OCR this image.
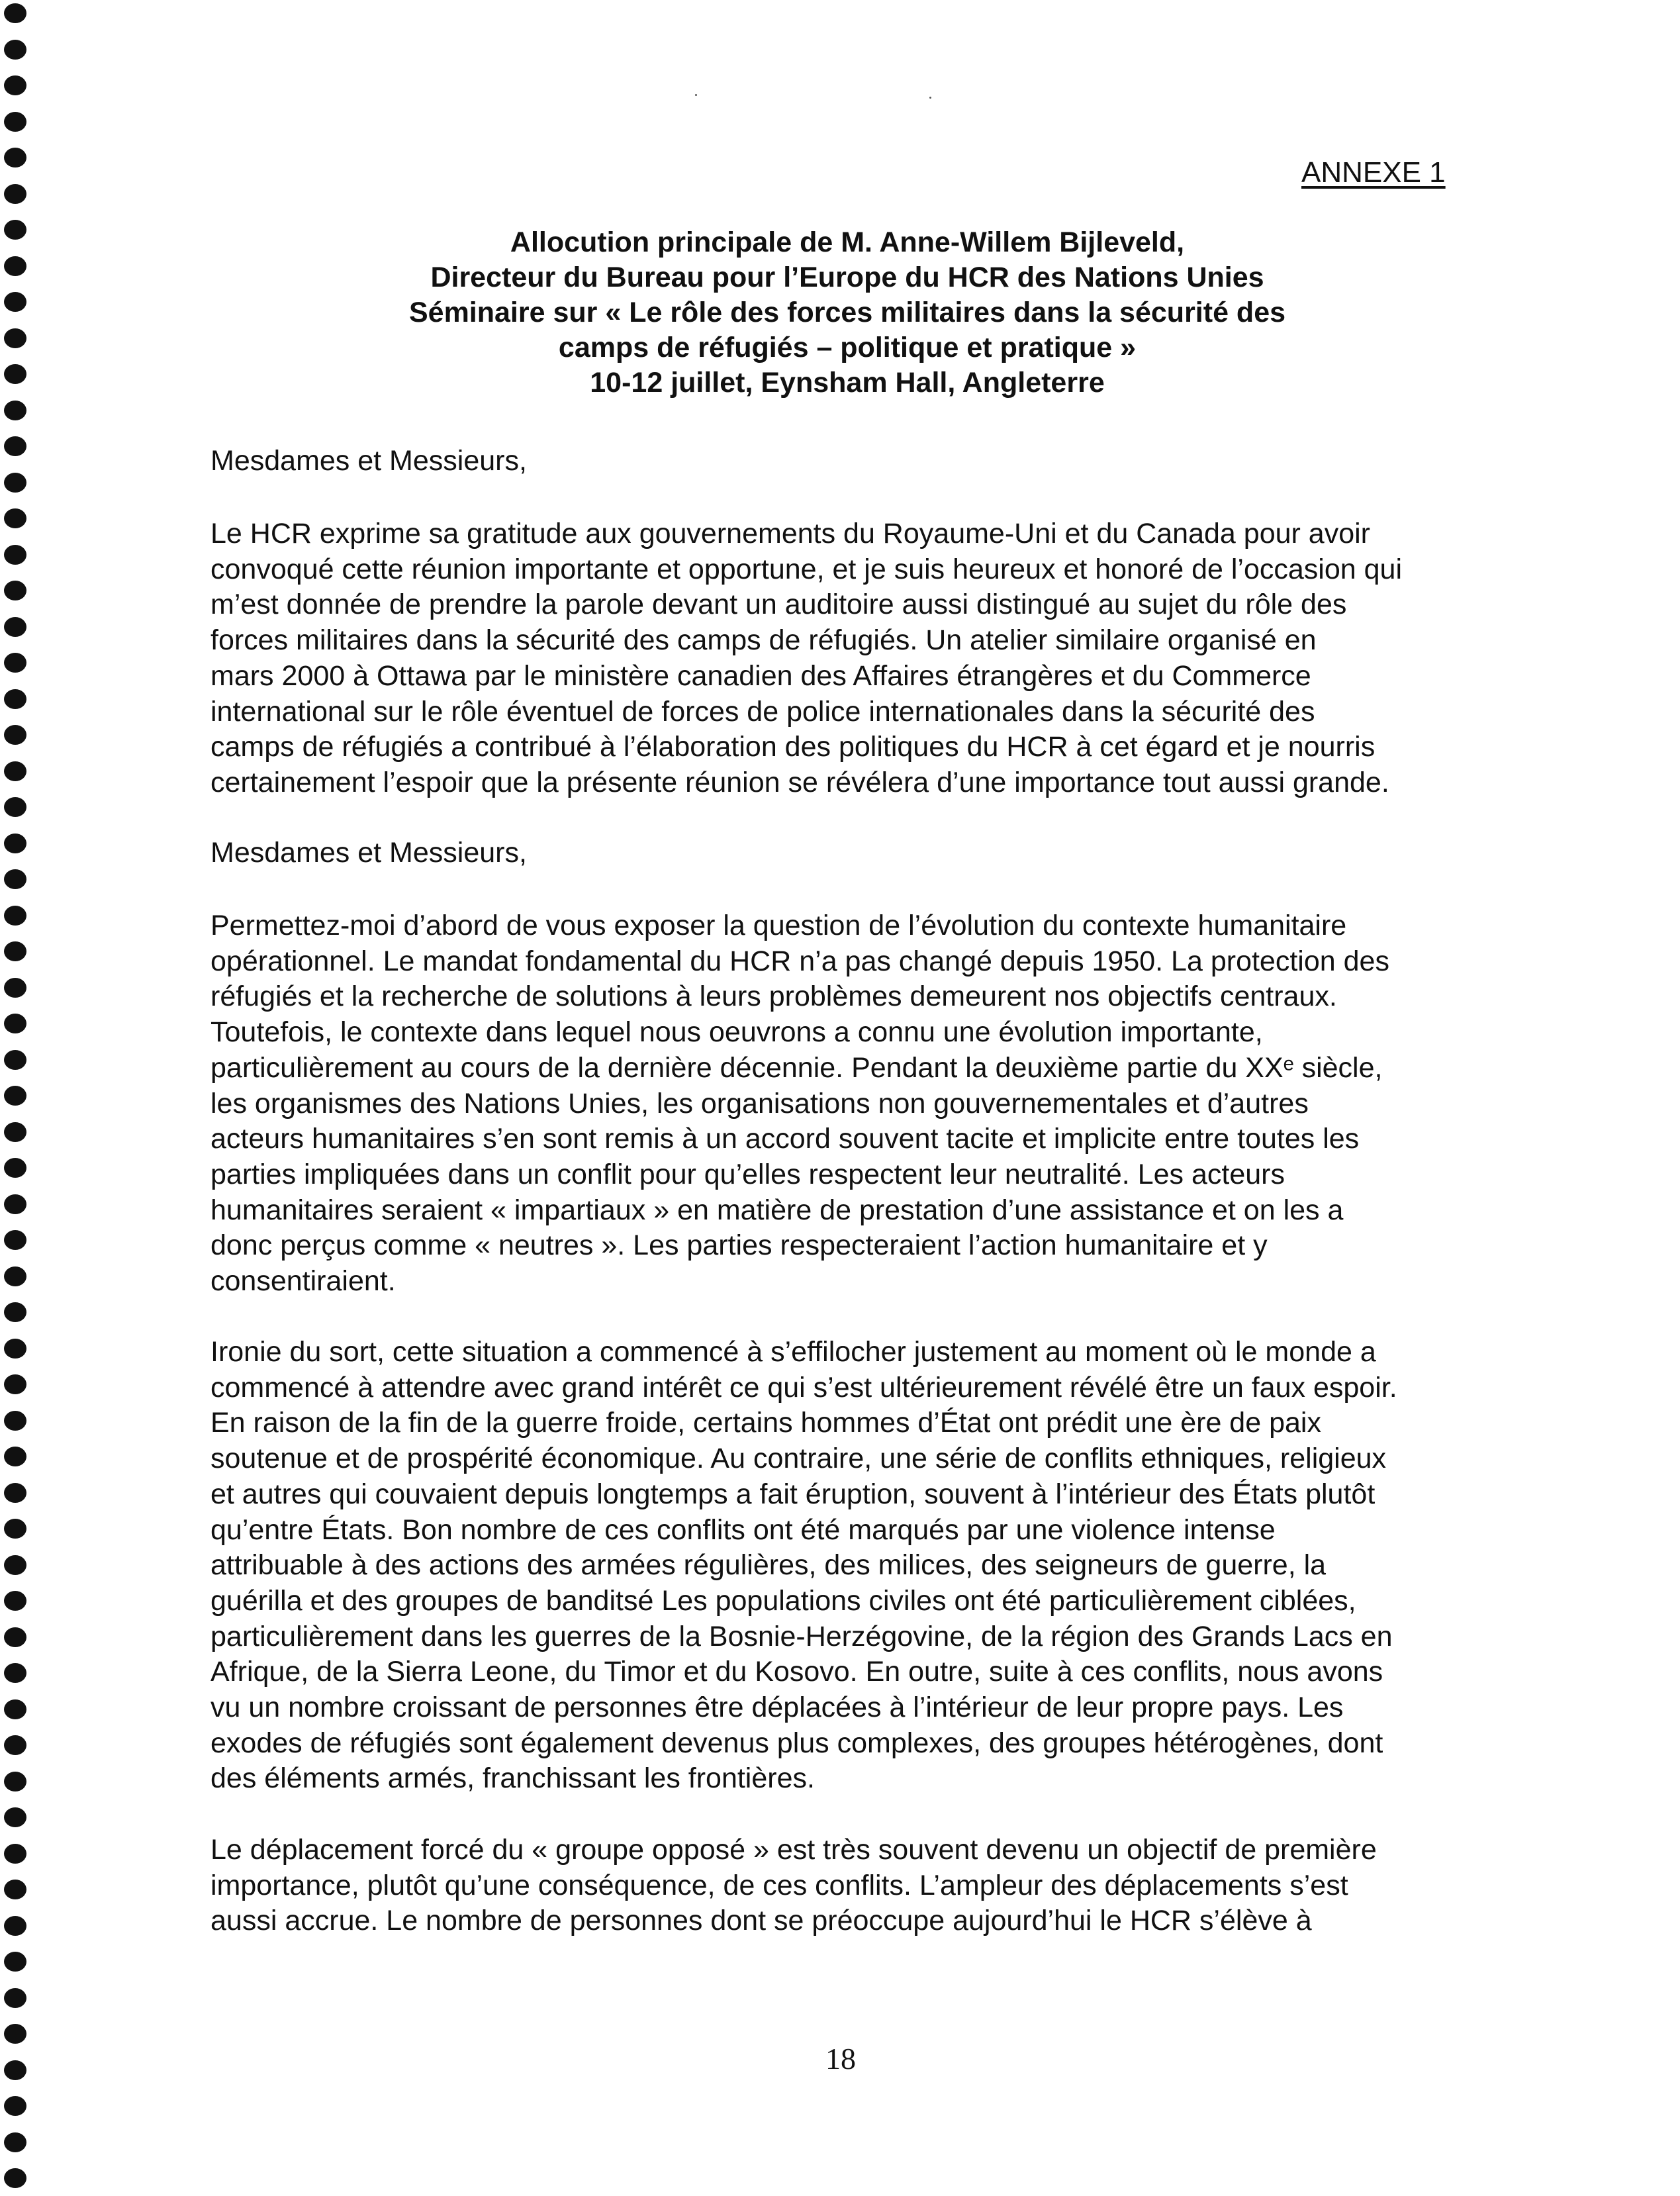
ANNEXE 1
Allocution principale de M. Anne-Willem Bijleveld,
Directeur du Bureau pour l’Europe du HCR des Nations Unies
Séminaire sur « Le rôle des forces militaires dans la sécurité des
camps de réfugiés – politique et pratique »
10-12 juillet, Eynsham Hall, Angleterre
Mesdames et Messieurs,
Le HCR exprime sa gratitude aux gouvernements du Royaume-Uni et du Canada pour avoir
convoqué cette réunion importante et opportune, et je suis heureux et honoré de l’occasion qui
m’est donnée de prendre la parole devant un auditoire aussi distingué au sujet du rôle des
forces militaires dans la sécurité des camps de réfugiés. Un atelier similaire organisé en
mars 2000 à Ottawa par le ministère canadien des Affaires étrangères et du Commerce
international sur le rôle éventuel de forces de police internationales dans la sécurité des
camps de réfugiés a contribué à l’élaboration des politiques du HCR à cet égard et je nourris
certainement l’espoir que la présente réunion se révélera d’une importance tout aussi grande.
Mesdames et Messieurs,
Permettez-moi d’abord de vous exposer la question de l’évolution du contexte humanitaire
opérationnel. Le mandat fondamental du HCR n’a pas changé depuis 1950. La protection des
réfugiés et la recherche de solutions à leurs problèmes demeurent nos objectifs centraux.
Toutefois, le contexte dans lequel nous oeuvrons a connu une évolution importante,
particulièrement au cours de la dernière décennie. Pendant la deuxième partie du XXᵉ siècle,
les organismes des Nations Unies, les organisations non gouvernementales et d’autres
acteurs humanitaires s’en sont remis à un accord souvent tacite et implicite entre toutes les
parties impliquées dans un conflit pour qu’elles respectent leur neutralité. Les acteurs
humanitaires seraient « impartiaux » en matière de prestation d’une assistance et on les a
donc perçus comme « neutres ». Les parties respecteraient l’action humanitaire et y
consentiraient.
Ironie du sort, cette situation a commencé à s’effilocher justement au moment où le monde a
commencé à attendre avec grand intérêt ce qui s’est ultérieurement révélé être un faux espoir.
En raison de la fin de la guerre froide, certains hommes d’État ont prédit une ère de paix
soutenue et de prospérité économique. Au contraire, une série de conflits ethniques, religieux
et autres qui couvaient depuis longtemps a fait éruption, souvent à l’intérieur des États plutôt
qu’entre États. Bon nombre de ces conflits ont été marqués par une violence intense
attribuable à des actions des armées régulières, des milices, des seigneurs de guerre, la
guérilla et des groupes de banditsé Les populations civiles ont été particulièrement ciblées,
particulièrement dans les guerres de la Bosnie-Herzégovine, de la région des Grands Lacs en
Afrique, de la Sierra Leone, du Timor et du Kosovo. En outre, suite à ces conflits, nous avons
vu un nombre croissant de personnes être déplacées à l’intérieur de leur propre pays. Les
exodes de réfugiés sont également devenus plus complexes, des groupes hétérogènes, dont
des éléments armés, franchissant les frontières.
Le déplacement forcé du « groupe opposé » est très souvent devenu un objectif de première
importance, plutôt qu’une conséquence, de ces conflits. L’ampleur des déplacements s’est
aussi accrue. Le nombre de personnes dont se préoccupe aujourd’hui le HCR s’élève à
18
